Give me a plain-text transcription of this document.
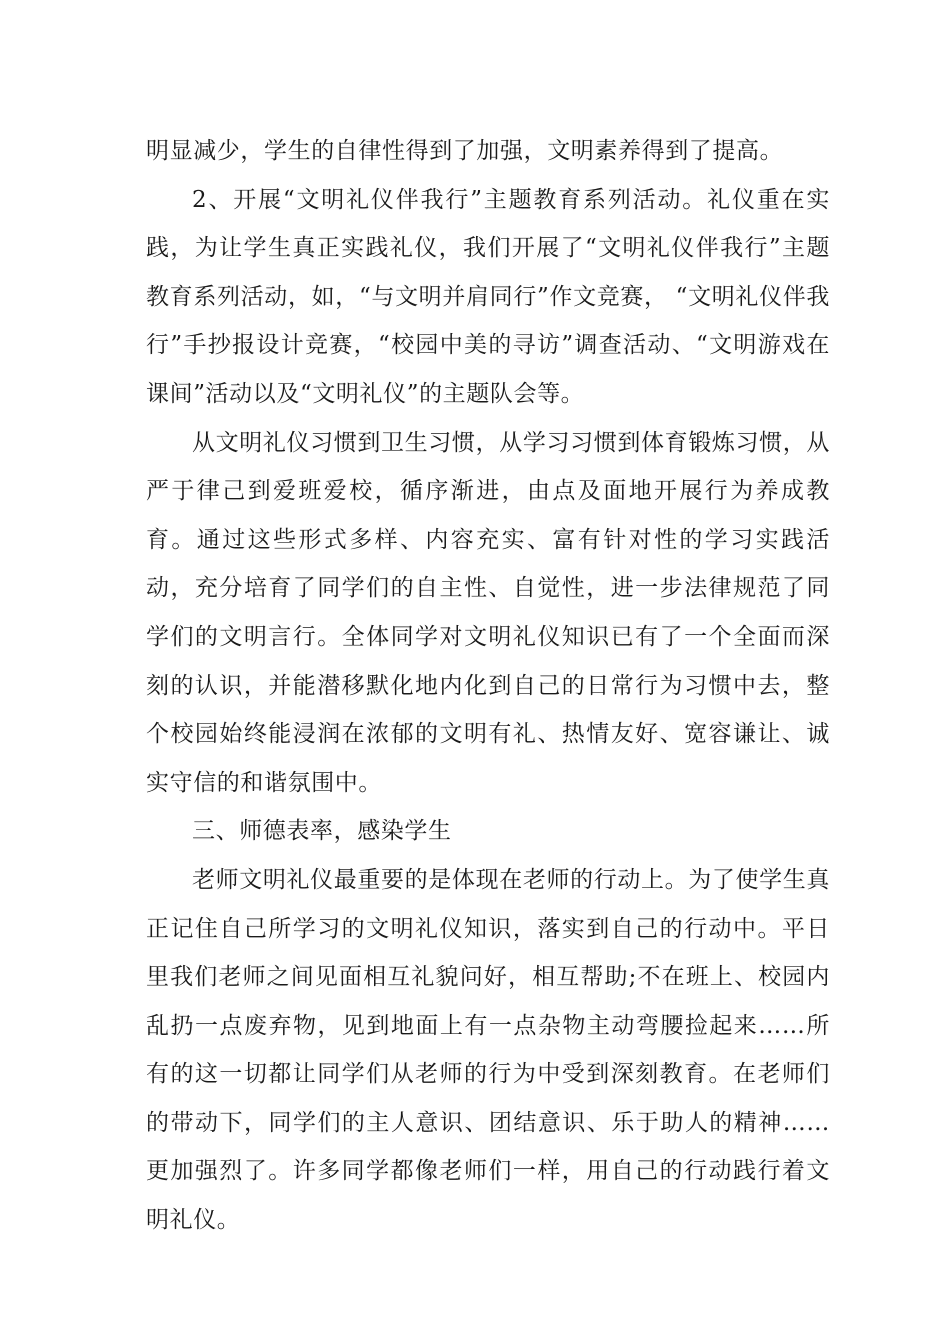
明显减少，学生的自律性得到了加强，文明素养得到了提高。

2、开展“文明礼仪伴我行”主题教育系列活动。礼仪重在实践，为让学生真正实践礼仪，我们开展了“文明礼仪伴我行”主题教育系列活动，如，“与文明并肩同行”作文竞赛， “文明礼仪伴我行”手抄报设计竞赛，“校园中美的寻访”调查活动、“文明游戏在课间”活动以及“文明礼仪”的主题队会等。

从文明礼仪习惯到卫生习惯，从学习习惯到体育锻炼习惯，从严于律己到爱班爱校，循序渐进，由点及面地开展行为养成教育。通过这些形式多样、内容充实、富有针对性的学习实践活动，充分培育了同学们的自主性、自觉性，进一步法律规范了同学们的文明言行。全体同学对文明礼仪知识已有了一个全面而深刻的认识，并能潜移默化地内化到自己的日常行为习惯中去，整个校园始终能浸润在浓郁的文明有礼、热情友好、宽容谦让、诚实守信的和谐氛围中。

三、师德表率，感染学生

老师文明礼仪最重要的是体现在老师的行动上。为了使学生真正记住自己所学习的文明礼仪知识，落实到自己的行动中。平日里我们老师之间见面相互礼貌问好，相互帮助;不在班上、校园内乱扔一点废弃物，见到地面上有一点杂物主动弯腰捡起来……所有的这一切都让同学们从老师的行为中受到深刻教育。在老师们的带动下，同学们的主人意识、团结意识、乐于助人的精神……更加强烈了。许多同学都像老师们一样，用自己的行动践行着文明礼仪。
